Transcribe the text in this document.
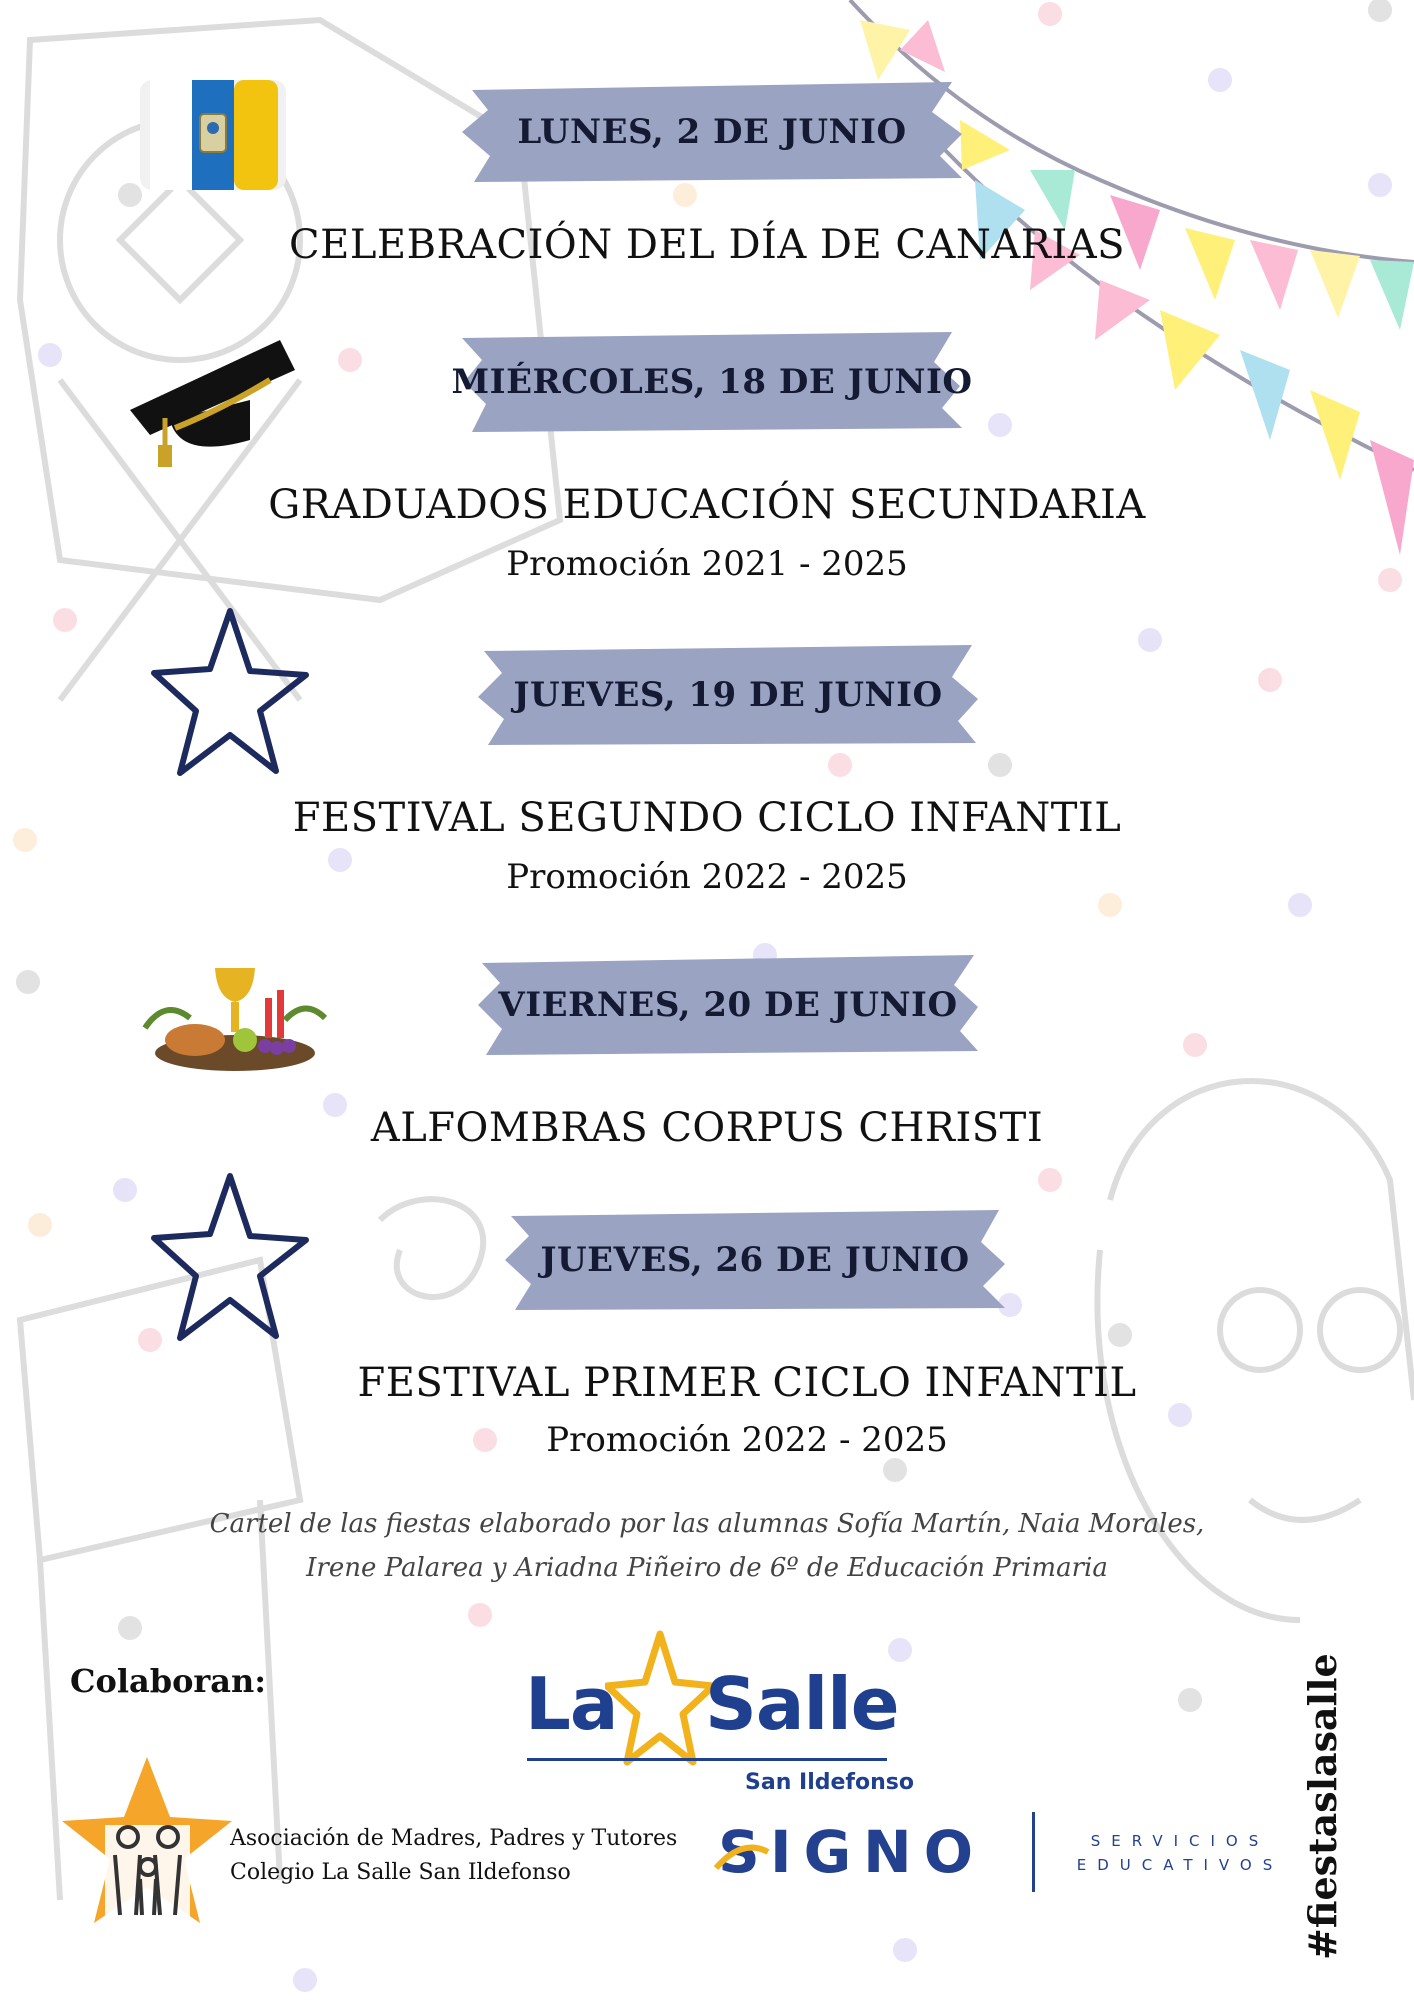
LUNES, 2 DE JUNIO
CELEBRACIÓN DEL DÍA DE CANARIAS
MIÉRCOLES, 18 DE JUNIO
GRADUADOS EDUCACIÓN SECUNDARIA
Promoción 2021 - 2025
JUEVES, 19 DE JUNIO
FESTIVAL SEGUNDO CICLO INFANTIL
Promoción 2022 - 2025
VIERNES, 20 DE JUNIO
ALFOMBRAS CORPUS CHRISTI
JUEVES, 26 DE JUNIO
FESTIVAL PRIMER CICLO INFANTIL
Promoción 2022 - 2025
Cartel de las fiestas elaborado por las alumnas Sofía Martín, Naia Morales,
Irene Palarea y Ariadna Piñeiro de 6º de Educación Primaria
Colaboran:
Asociación de Madres, Padres y Tutores
Colegio La Salle San Ildefonso
La Salle
San Ildefonso
S IGNO	SERVICIOS
EDUCATIVOS #fiestaslasalle
